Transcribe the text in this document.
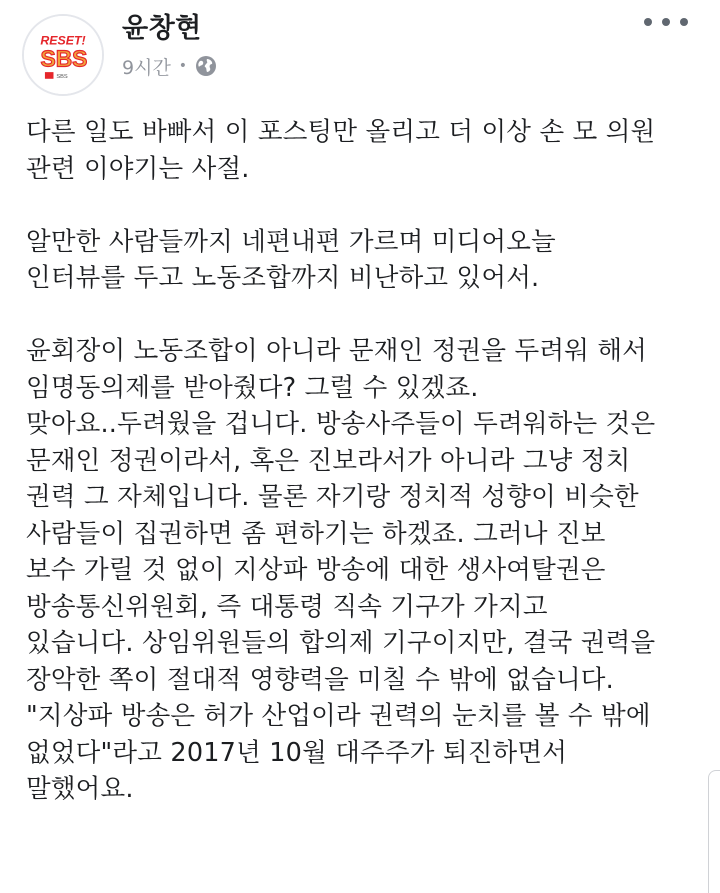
RESET!
SBS
SBS
윤창현
9시간 •
다른 일도 바빠서 이 포스팅만 올리고 더 이상 손 모 의원
관련 이야기는 사절.
알만한 사람들까지 네편내편 가르며 미디어오늘
인터뷰를 두고 노동조합까지 비난하고 있어서.
윤회장이 노동조합이 아니라 문재인 정권을 두려워 해서
임명동의제를 받아줬다? 그럴 수 있겠죠.
맞아요..두려웠을 겁니다. 방송사주들이 두려워하는 것은
문재인 정권이라서, 혹은 진보라서가 아니라 그냥 정치
권력 그 자체입니다. 물론 자기랑 정치적 성향이 비슷한
사람들이 집권하면 좀 편하기는 하겠죠. 그러나 진보
보수 가릴 것 없이 지상파 방송에 대한 생사여탈권은
방송통신위원회, 즉 대통령 직속 기구가 가지고
있습니다. 상임위원들의 합의제 기구이지만, 결국 권력을
장악한 쪽이 절대적 영향력을 미칠 수 밖에 없습니다.
"지상파 방송은 허가 산업이라 권력의 눈치를 볼 수 밖에
없었다"라고 2017년 10월 대주주가 퇴진하면서
말했어요.
